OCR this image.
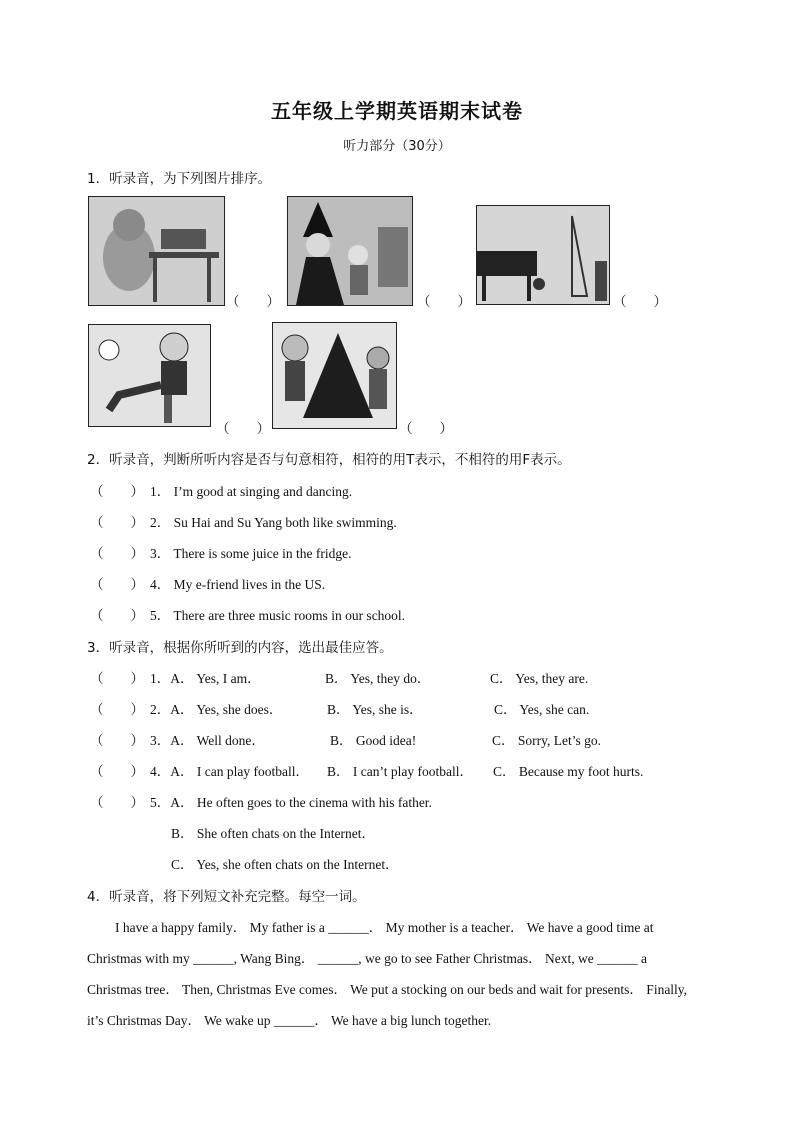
五年级上学期英语期末试卷
听力部分（30分）
1．听录音，为下列图片排序。
（　　）	（　　）	（　　）
（　　）	（　　）
2．听录音，判断所听内容是否与句意相符，相符的用T表示，不相符的用F表示。
（　　） 1． I’m good at singing and dancing.
（　　） 2． Su Hai and Su Yang both like swimming.
（　　） 3． There is some juice in the fridge.
（　　） 4． My e-friend lives in the US.
（　　） 5． There are three music rooms in our school.
3．听录音，根据你所听到的内容，选出最佳应答。
（　　） 1．A． Yes, I am．	B． Yes, they do．	C． Yes, they are.
（　　） 2．A． Yes, she does．	B． Yes, she is．	C． Yes, she can.
（　　） 3．A． Well done．	B． Good idea!	C． Sorry, Let’s go.
（　　） 4．A． I can play football． B． I can’t play football． C． Because my foot hurts.
（　　） 5．A． He often goes to the cinema with his father.
B． She often chats on the Internet．
C． Yes, she often chats on the Internet．
4．听录音，将下列短文补充完整。每空一词。
I have a happy family． My father is a ______． My mother is a teacher． We have a good time at
Christmas with my ______, Wang Bing． ______, we go to see Father Christmas． Next, we ______ a
Christmas tree． Then, Christmas Eve comes． We put a stocking on our beds and wait for presents． Finally,
it’s Christmas Day． We wake up ______． We have a big lunch together.
